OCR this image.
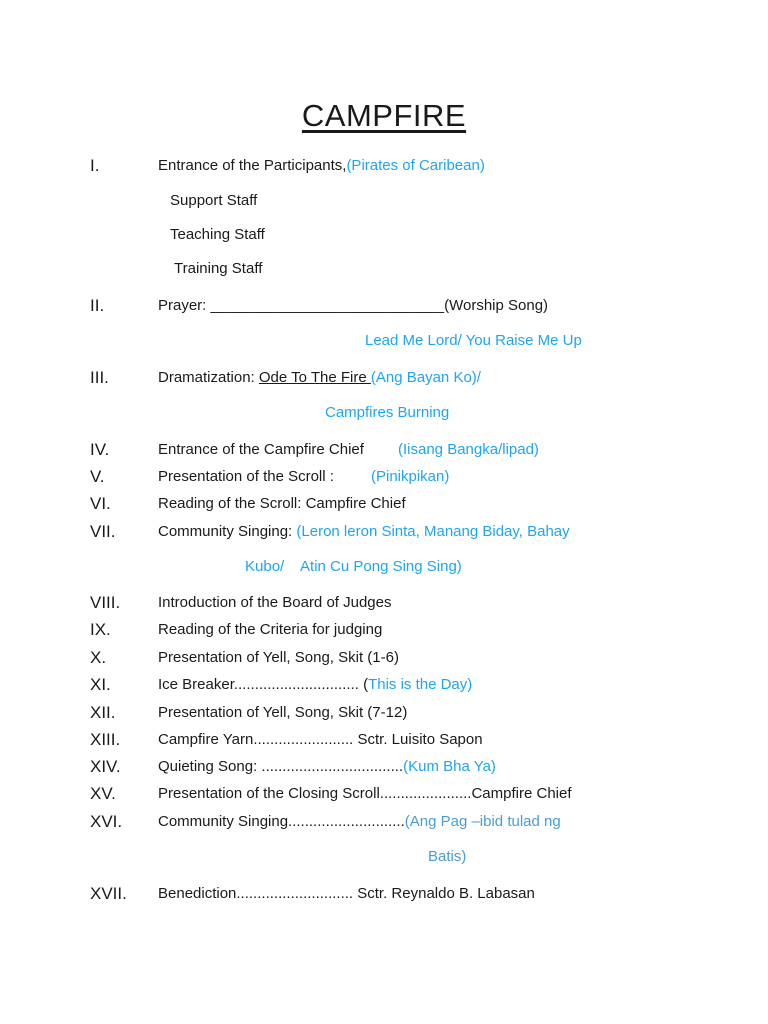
CAMPFIRE
I.	Entrance of the Participants,(Pirates of Caribean)
Support Staff
Teaching Staff
Training Staff
II.	Prayer: ____________________________(Worship Song)
Lead Me Lord/ You Raise Me Up
III.	Dramatization: Ode To The Fire (Ang Bayan Ko)/
Campfires Burning
IV.	Entrance of the Campfire Chief (Iisang Bangka/lipad)
V.	Presentation of the Scroll : (Pinikpikan)
VI.	Reading of the Scroll: Campfire Chief
VII.	Community Singing: (Leron leron Sinta, Manang Biday, Bahay
Kubo/    Atin Cu Pong Sing Sing)
VIII.	Introduction of the Board of Judges
IX.	Reading of the Criteria for judging
X.	Presentation of Yell, Song, Skit (1-6)
XI.	Ice Breaker.............................. (This is the Day)
XII.	Presentation of Yell, Song, Skit (7-12)
XIII.	Campfire Yarn........................ Sctr. Luisito Sapon
XIV. Quieting Song: ..................................(Kum Bha Ya)
XV.	Presentation of the Closing Scroll......................Campfire Chief
XVI. Community Singing............................(Ang Pag –ibid tulad ng
Batis)
XVII. Benediction............................ Sctr. Reynaldo B. Labasan
